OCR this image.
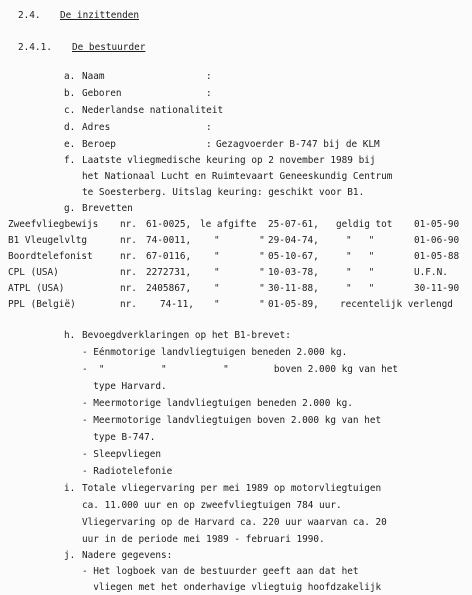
2.4. De inzittenden
2.4.1. De bestuurder
a. Naam	:
b. Geboren	:
c. Nederlandse nationaliteit
d. Adres	:
e. Beroep	: Gezagvoerder B-747 bij de KLM
f. Laatste vliegmedische keuring op 2 november 1989 bij
het Nationaal Lucht en Ruimtevaart Geneeskundig Centrum
te Soesterberg. Uitslag keuring: geschikt voor B1.
g. Brevetten
Zweefvliegbewijs nr. 61-0025, le afgifte 25-07-61, geldig tot 01-05-90
B1 Vleugelvltg	nr. 74-0011, "       " 29-04-74,	"   "	01-06-90
Boordtelefonist	nr. 67-0116, "       " 05-10-67,	"   "	01-05-88
CPL (USA)	nr. 2272731, "       " 10-03-78,	"   "	U.F.N.
ATPL (USA)	nr. 2405867, "       " 30-11-88,	"   "	30-11-90
PPL (België)	nr. 74-11, "       " 01-05-89, recentelijk verlengd
h. Bevoegdverklaringen op het B1-brevet:
- Eénmotorige landvliegtuigen beneden 2.000 kg.
-  "          "          "        boven 2.000 kg van het
type Harvard.
- Meermotorige landvliegtuigen beneden 2.000 kg.
- Meermotorige landvliegtuigen boven 2.000 kg van het
type B-747.
- Sleepvliegen
- Radiotelefonie
i. Totale vliegervaring per mei 1989 op motorvliegtuigen
ca. 11.000 uur en op zweefvliegtuigen 784 uur.
Vliegervaring op de Harvard ca. 220 uur waarvan ca. 20
uur in de periode mei 1989 - februari 1990.
j. Nadere gegevens:
- Het logboek van de bestuurder geeft aan dat het
vliegen met het onderhavige vliegtuig hoofdzakelijk
